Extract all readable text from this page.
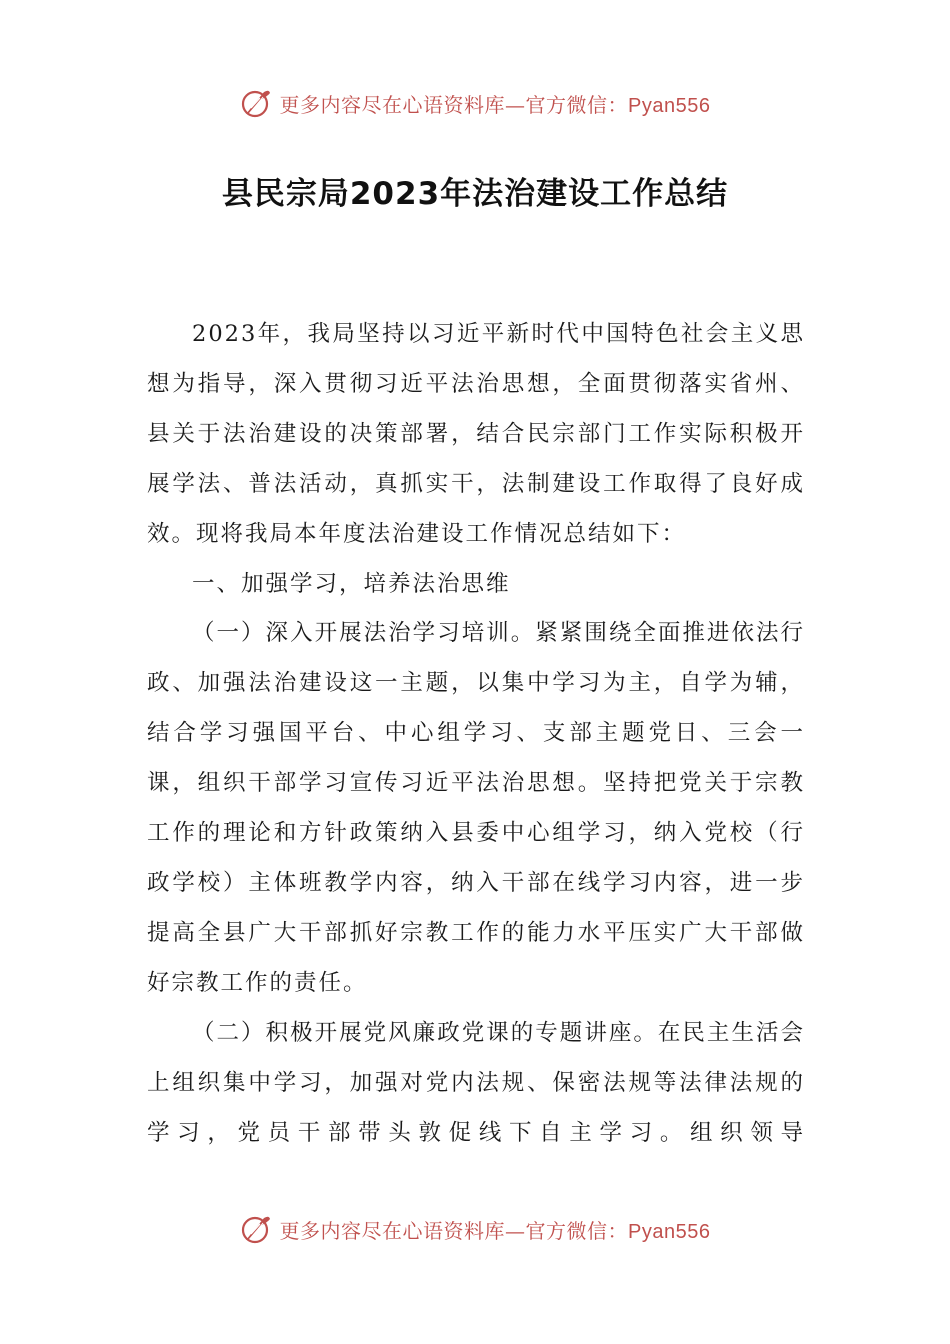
更多内容尽在心语资料库—官方微信：Pyan556
县民宗局2023年法治建设工作总结

2023年，我局坚持以习近平新时代中国特色社会主义思想为指导，深入贯彻习近平法治思想，全面贯彻落实省州、县关于法治建设的决策部署，结合民宗部门工作实际积极开展学法、普法活动，真抓实干，法制建设工作取得了良好成效。现将我局本年度法治建设工作情况总结如下：

一、加强学习，培养法治思维

（一）深入开展法治学习培训。紧紧围绕全面推进依法行政、加强法治建设这一主题，以集中学习为主，自学为辅，结合学习强国平台、中心组学习、支部主题党日、三会一课，组织干部学习宣传习近平法治思想。坚持把党关于宗教工作的理论和方针政策纳入县委中心组学习，纳入党校（行政学校）主体班教学内容，纳入干部在线学习内容，进一步提高全县广大干部抓好宗教工作的能力水平压实广大干部做好宗教工作的责任。

（二）积极开展党风廉政党课的专题讲座。在民主生活会上组织集中学习，加强对党内法规、保密法规等法律法规的学习，党员干部带头敦促线下自主学习。组织领导

更多内容尽在心语资料库—官方微信：Pyan556
